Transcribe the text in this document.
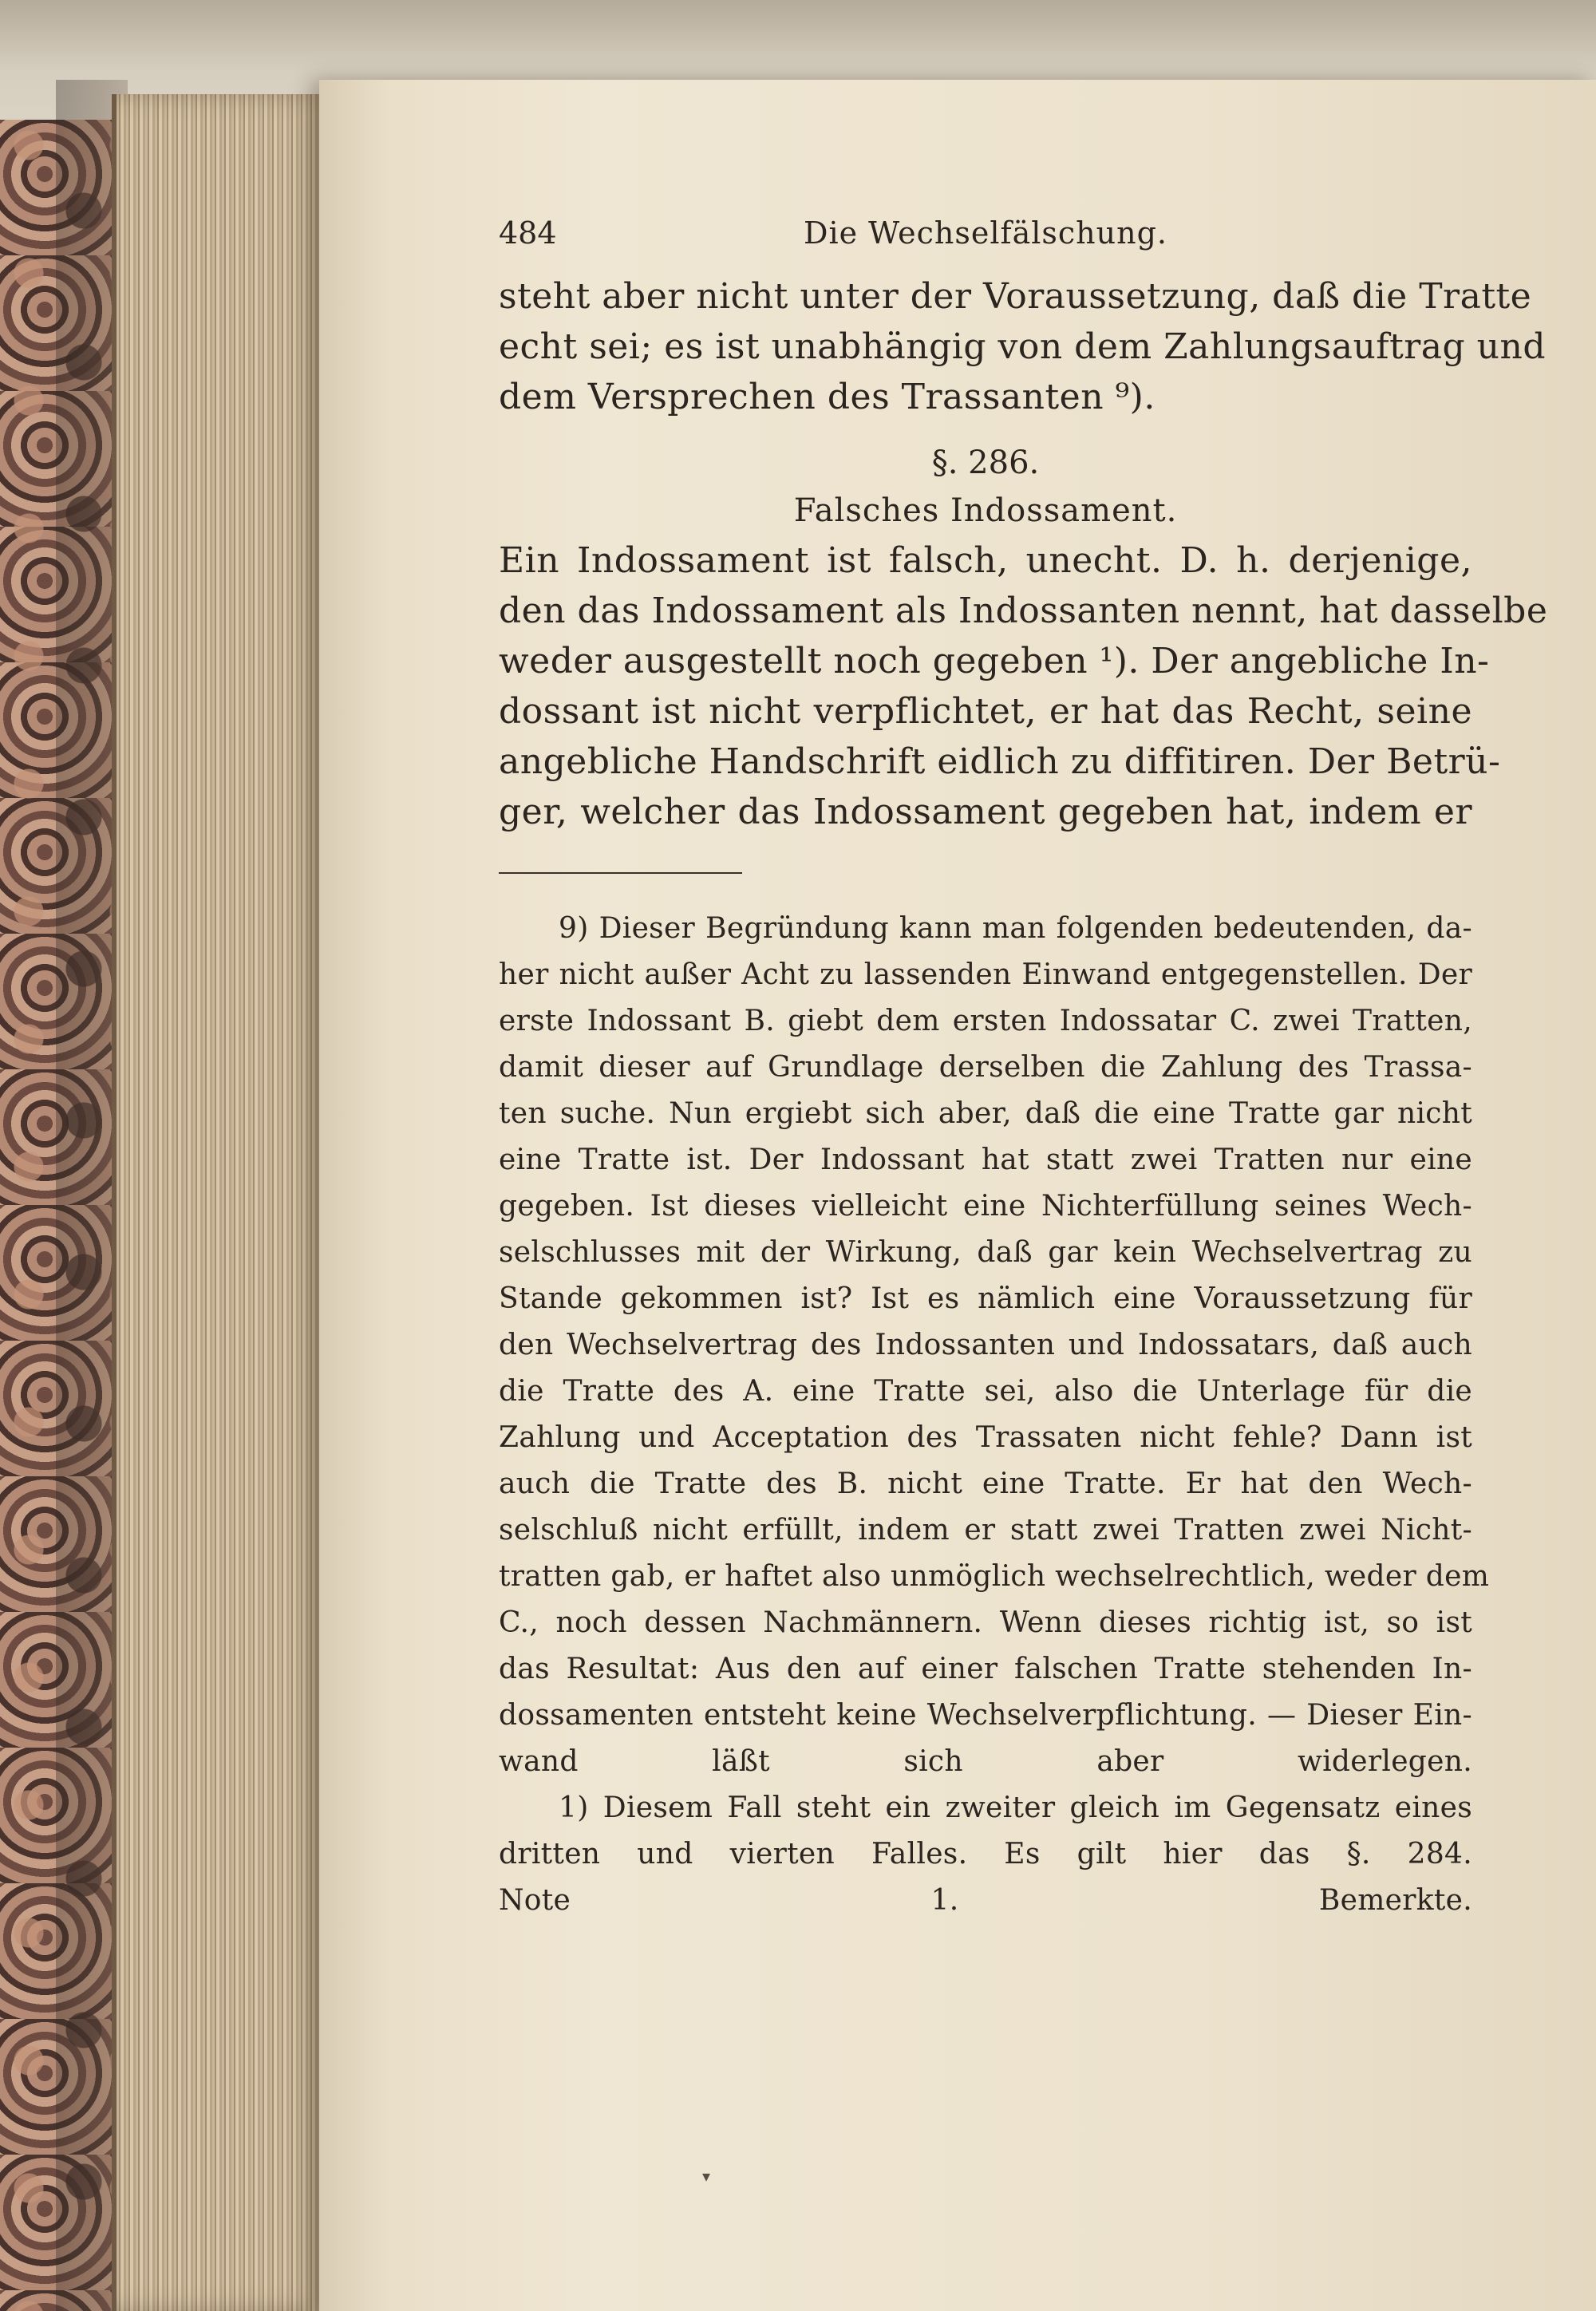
484	Die Wechselfälschung.
steht aber nicht unter der Voraussetzung, daß die Tratte
echt sei; es ist unabhängig von dem Zahlungsauftrag und
dem Versprechen des Trassanten ⁹).
§. 286.
Falsches Indossament.
Ein Indossament ist falsch, unecht. D. h. derjenige,
den das Indossament als Indossanten nennt, hat dasselbe
weder ausgestellt noch gegeben ¹). Der angebliche In-
dossant ist nicht verpflichtet, er hat das Recht, seine
angebliche Handschrift eidlich zu diffitiren. Der Betrü-
ger, welcher das Indossament gegeben hat, indem er
9) Dieser Begründung kann man folgenden bedeutenden, da-
her nicht außer Acht zu lassenden Einwand entgegenstellen. Der
erste Indossant B. giebt dem ersten Indossatar C. zwei Tratten,
damit dieser auf Grundlage derselben die Zahlung des Trassa-
ten suche. Nun ergiebt sich aber, daß die eine Tratte gar nicht
eine Tratte ist. Der Indossant hat statt zwei Tratten nur eine
gegeben. Ist dieses vielleicht eine Nichterfüllung seines Wech-
selschlusses mit der Wirkung, daß gar kein Wechselvertrag zu
Stande gekommen ist? Ist es nämlich eine Voraussetzung für
den Wechselvertrag des Indossanten und Indossatars, daß auch
die Tratte des A. eine Tratte sei, also die Unterlage für die
Zahlung und Acceptation des Trassaten nicht fehle? Dann ist
auch die Tratte des B. nicht eine Tratte. Er hat den Wech-
selschluß nicht erfüllt, indem er statt zwei Tratten zwei Nicht-
tratten gab, er haftet also unmöglich wechselrechtlich, weder dem
C., noch dessen Nachmännern. Wenn dieses richtig ist, so ist
das Resultat: Aus den auf einer falschen Tratte stehenden In-
dossamenten entsteht keine Wechselverpflichtung. — Dieser Ein-
wand läßt sich aber widerlegen.
1) Diesem Fall steht ein zweiter gleich im Gegensatz eines
dritten und vierten Falles. Es gilt hier das §. 284.
Note 1. Bemerkte.
▾
